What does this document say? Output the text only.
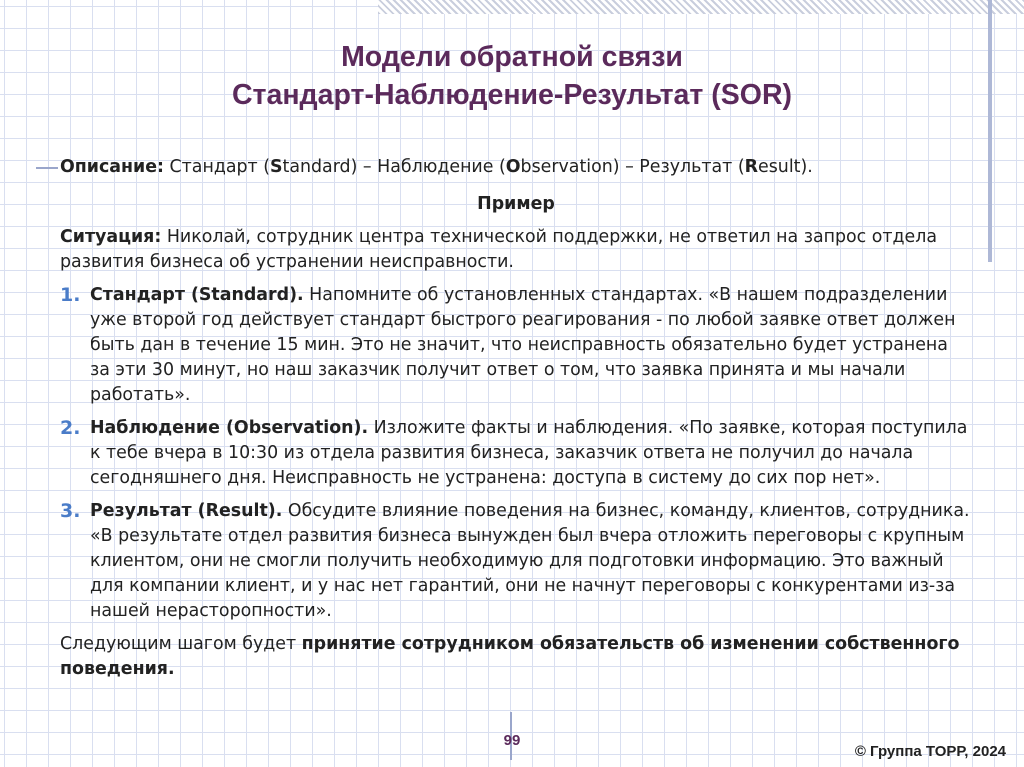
Модели обратной связи
Стандарт-Наблюдение-Результат (SOR)

Описание: Стандарт (Standard) – Наблюдение (Observation) – Результат (Result).

Пример

Ситуация: Николай, сотрудник центра технической поддержки, не ответил на запрос отдела развития бизнеса об устранении неисправности.

1. Стандарт (Standard). Напомните об установленных стандартах. «В нашем подразделении уже второй год действует стандарт быстрого реагирования - по любой заявке ответ должен быть дан в течение 15 мин. Это не значит, что неисправность обязательно будет устранена за эти 30 минут, но наш заказчик получит ответ о том, что заявка принята и мы начали работать».
2. Наблюдение (Observation). Изложите факты и наблюдения. «По заявке, которая поступила к тебе вчера в 10:30 из отдела развития бизнеса, заказчик ответа не получил до начала сегодняшнего дня. Неисправность не устранена: доступа в систему до сих пор нет».
3. Результат (Result). Обсудите влияние поведения на бизнес, команду, клиентов, сотрудника. «В результате отдел развития бизнеса вынужден был вчера отложить переговоры с крупным клиентом, они не смогли получить необходимую для подготовки информацию. Это важный для компании клиент, и у нас нет гарантий, они не начнут переговоры с конкурентами из-за нашей нерасторопности».

Следующим шагом будет принятие сотрудником обязательств об изменении собственного поведения.

99
© Группа ТОРР, 2024
